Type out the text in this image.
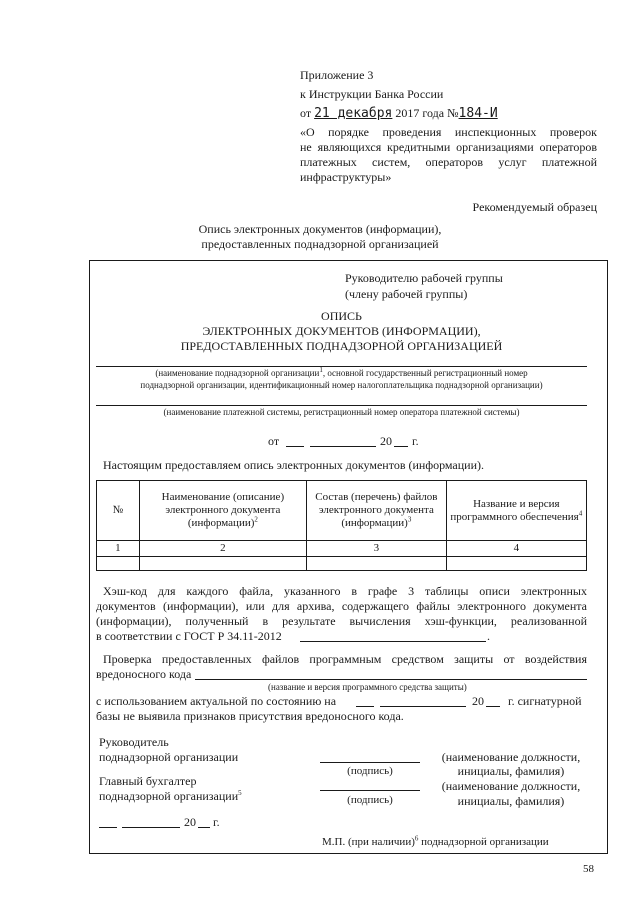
Приложение 3
к Инструкции Банка России
от 21 декабря 2017 года №184-И
«О порядке проведения инспекционных проверок
не являющихся кредитными организациями операторов
платежных систем, операторов услуг платежной
инфраструктуры»
Рекомендуемый образец
Опись электронных документов (информации),
предоставленных поднадзорной организацией
Руководителю рабочей группы
(члену рабочей группы)
ОПИСЬ
ЭЛЕКТРОННЫХ ДОКУМЕНТОВ (ИНФОРМАЦИИ),
ПРЕДОСТАВЛЕННЫХ ПОДНАДЗОРНОЙ ОРГАНИЗАЦИЕЙ
(наименование поднадзорной организации$^1$, основной государственный регистрационный номер
поднадзорной организации, идентификационный номер налогоплательщика поднадзорной организации)
(наименование платежной системы, регистрационный номер оператора платежной системы)
от	20 г.
Настоящим предоставляем опись электронных документов (информации).
№	Наименование (описание) электронного документа (информации)$^2$	Состав (перечень) файлов электронного документа (информации)$^3$	Название и версия программного обеспечения$^4$
1	2	3	4

Хэш-код для каждого файла, указанного в графе 3 таблицы описи электронных
документов (информации), или для архива, содержащего файлы электронного документа
(информации), полученный в результате вычисления хэш-функции, реализованной
в соответствии с ГОСТ Р 34.11-2012	.
Проверка предоставленных файлов программным средством защиты от воздействия
вредоносного кода
(название и версия программного средства защиты)
с использованием актуальной по состоянию на	20 г. сигнатурной
базы не выявила признаков присутствия вредоносного кода.
Руководитель
поднадзорной организации
(подпись)
(наименование должности,
инициалы, фамилия)
Главный бухгалтер
поднадзорной организации$^5$
(подпись)
(наименование должности,
инициалы, фамилия)
20 г.
М.П. (при наличии)$^6$ поднадзорной организации
58
